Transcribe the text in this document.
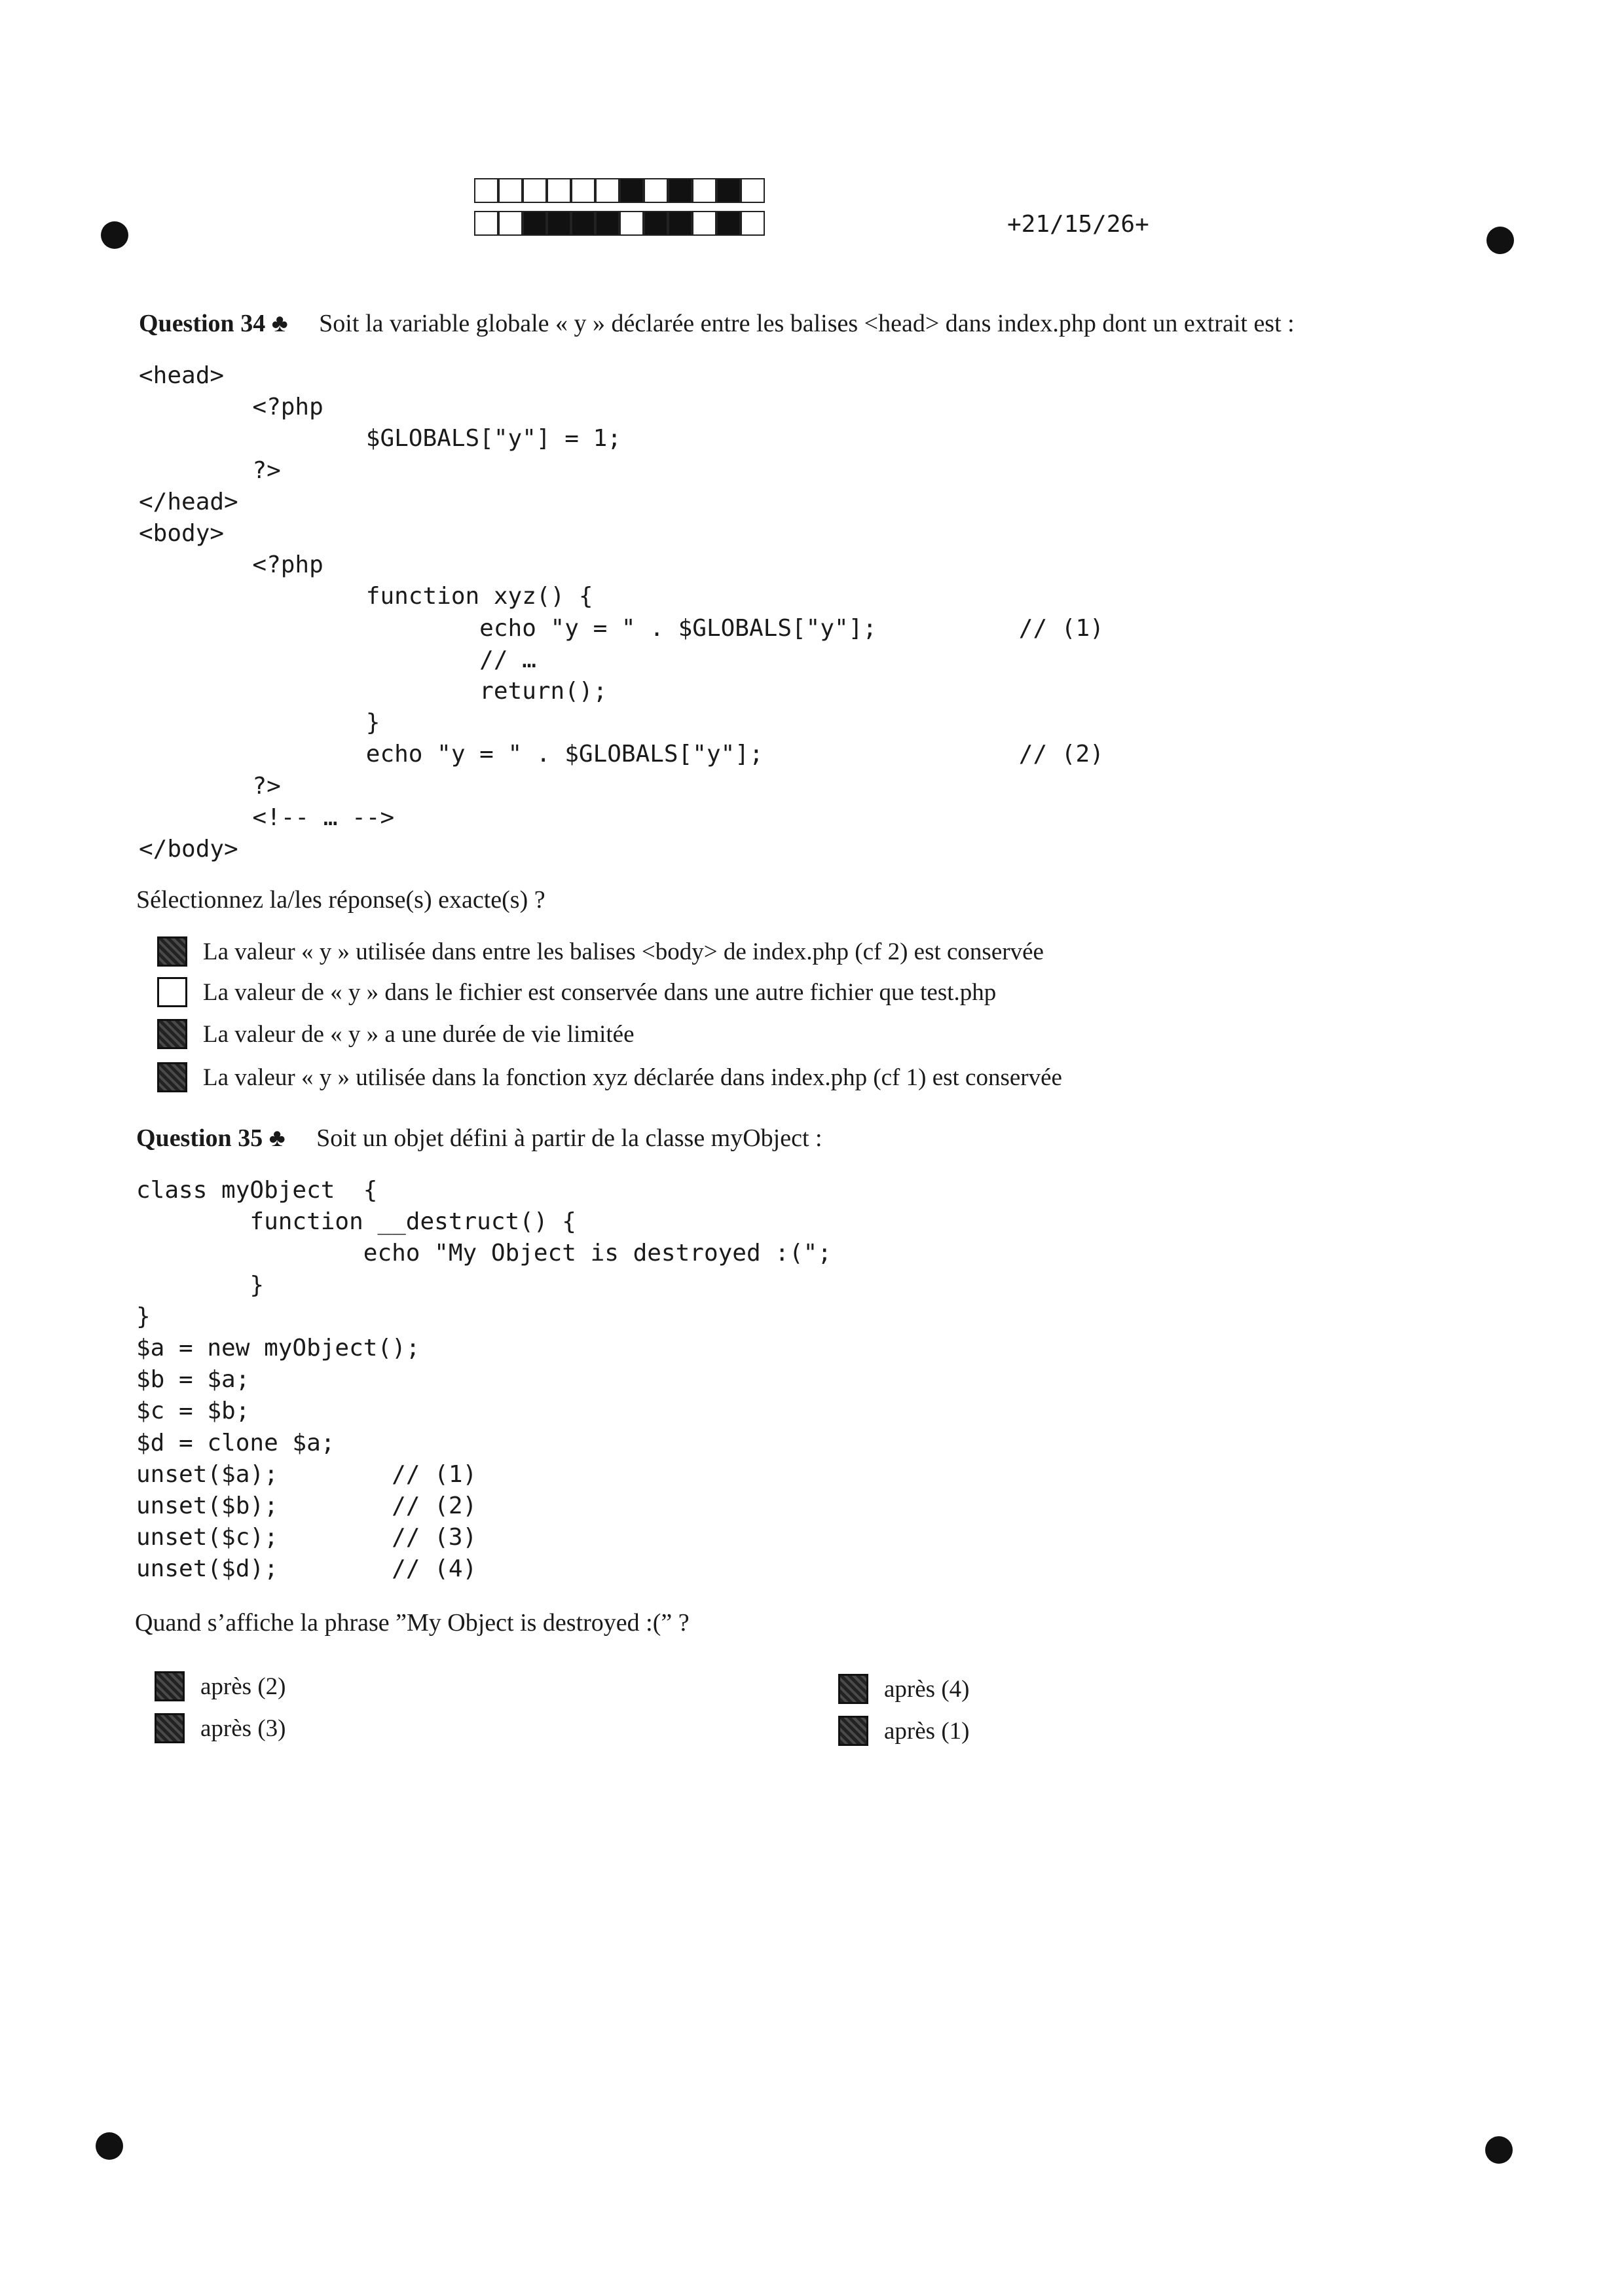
+21/15/26+
Question 34 ♣ Soit la variable globale « y » déclarée entre les balises <head> dans index.php dont un extrait est :
<head>
<?php
$GLOBALS["y"] = 1;
?>
</head>
<body>
<?php
function xyz() {
echo "y = " . $GLOBALS["y"];          // (1)
// …
return();
}
echo "y = " . $GLOBALS["y"];                  // (2)
?>
<!-- … -->
</body>
Sélectionnez la/les réponse(s) exacte(s) ?
La valeur « y » utilisée dans entre les balises <body> de index.php (cf 2) est conservée
La valeur de « y » dans le fichier est conservée dans une autre fichier que test.php
La valeur de « y » a une durée de vie limitée
La valeur « y » utilisée dans la fonction xyz déclarée dans index.php (cf 1) est conservée
Question 35 ♣ Soit un objet défini à partir de la classe myObject :
class myObject  {
function __destruct() {
echo "My Object is destroyed :(";
}
}
$a = new myObject();
$b = $a;
$c = $b;
$d = clone $a;
unset($a);        // (1)
unset($b);        // (2)
unset($c);        // (3)
unset($d);        // (4)
Quand s’affiche la phrase ”My Object is destroyed :(” ?
après (2)
après (3)
après (4)
après (1)
